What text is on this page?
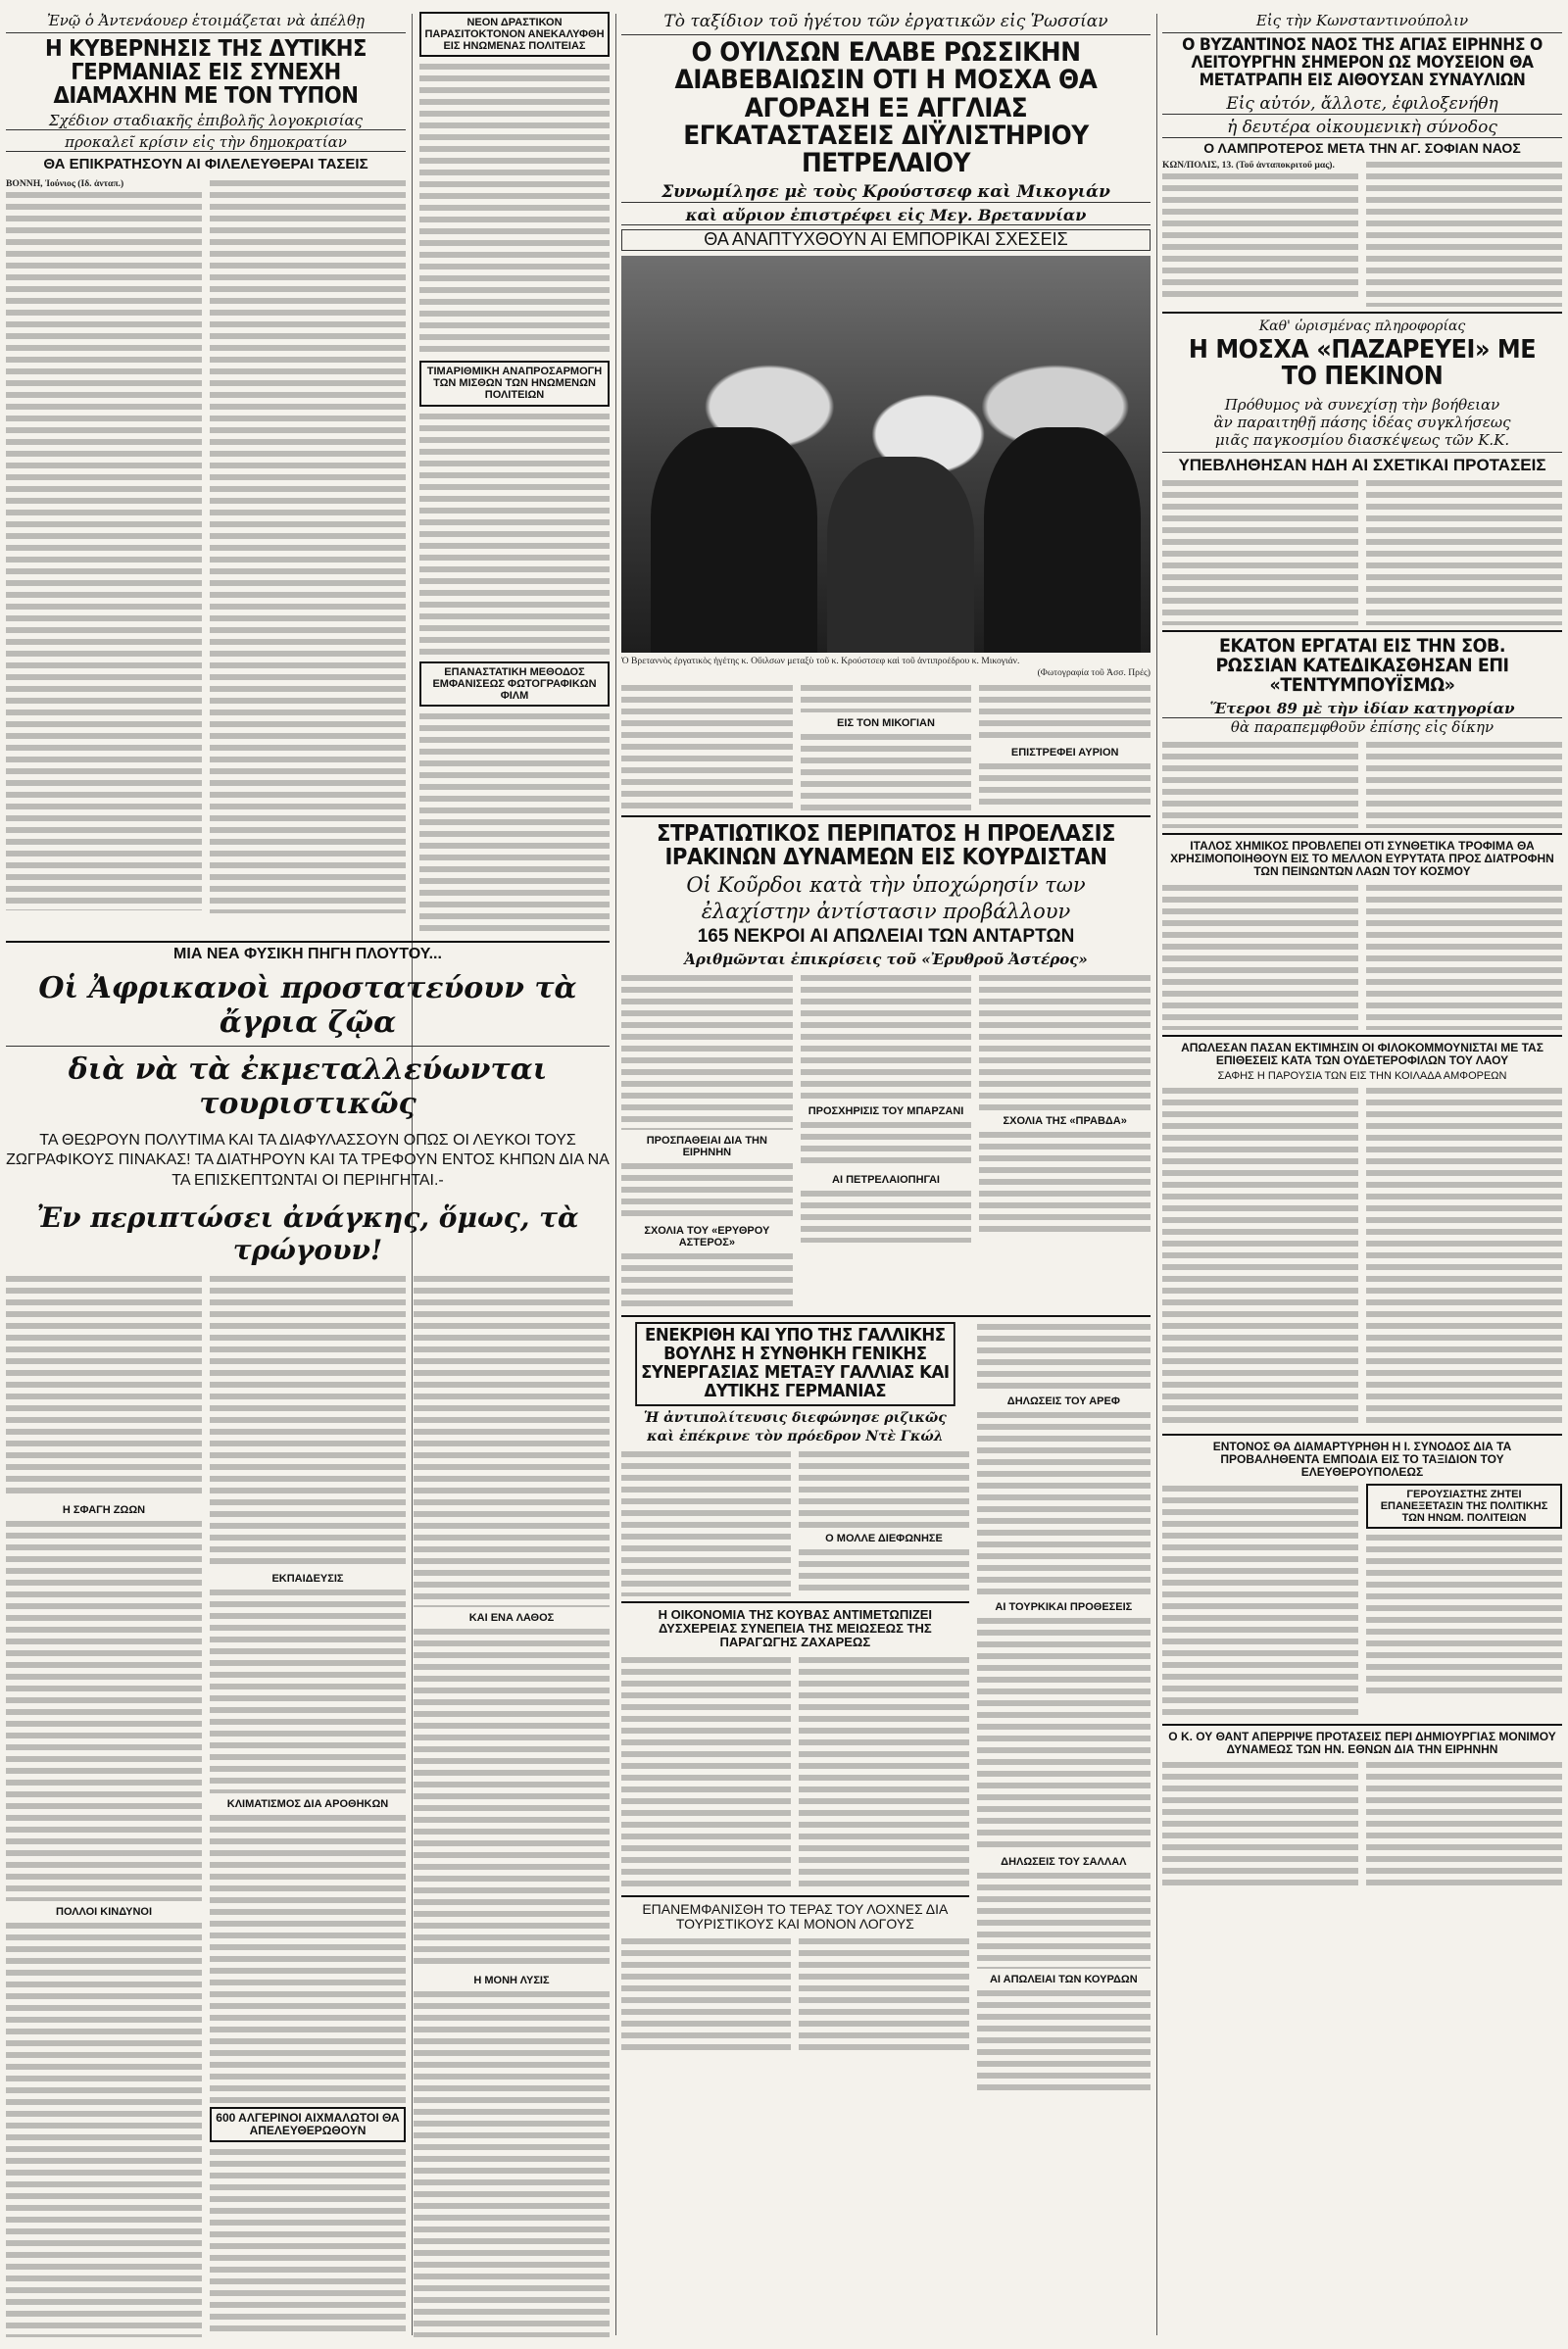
Ἐνῷ ὁ Ἀντενάουερ ἑτοιμάζεται νὰ ἀπέλθῃ
Η ΚΥΒΕΡΝΗΣΙΣ ΤΗΣ ΔΥΤΙΚΗΣ ΓΕΡΜΑΝΙΑΣ ΕΙΣ ΣΥΝΕΧΗ ΔΙΑΜΑΧΗΝ ΜΕ ΤΟΝ ΤΥΠΟΝ
Σχέδιον σταδιακῆς ἐπιβολῆς λογοκρισίας
προκαλεῖ κρίσιν εἰς τὴν δημοκρατίαν
ΘΑ ΕΠΙΚΡΑΤΗΣΟΥΝ ΑΙ ΦΙΛΕΛΕΥΘΕΡΑΙ ΤΑΣΕΙΣ
ΒΟΝΝΗ, Ἰούνιος (Ιδ. ἀνταπ.)
ΝΕΟΝ ΔΡΑΣΤΙΚΟΝ ΠΑΡΑΣΙΤΟΚΤΟΝΟΝ ΑΝΕΚΑΛΥΦΘΗ ΕΙΣ ΗΝΩΜΕΝΑΣ ΠΟΛΙΤΕΙΑΣ
ΤΙΜΑΡΙΘΜΙΚΗ ΑΝΑΠΡΟΣΑΡΜΟΓΗ ΤΩΝ ΜΙΣΘΩΝ ΤΩΝ ΗΝΩΜΕΝΩΝ ΠΟΛΙΤΕΙΩΝ
ΕΠΑΝΑΣΤΑΤΙΚΗ ΜΕΘΟΔΟΣ ΕΜΦΑΝΙΣΕΩΣ ΦΩΤΟΓΡΑΦΙΚΩΝ ΦΙΛΜ
ΜΙΑ ΝΕΑ ΦΥΣΙΚΗ ΠΗΓΗ ΠΛΟΥΤΟΥ...
Οἱ Ἀφρικανοὶ προστατεύουν τὰ ἄγρια ζῷα
διὰ νὰ τὰ ἐκμεταλλεύωνται τουριστικῶς
ΤΑ ΘΕΩΡΟΥΝ ΠΟΛΥΤΙΜΑ ΚΑΙ ΤΑ ΔΙΑΦΥΛΑΣΣΟΥΝ ΟΠΩΣ ΟΙ ΛΕΥΚΟΙ ΤΟΥΣ ΖΩΓΡΑΦΙΚΟΥΣ ΠΙΝΑΚΑΣ! ΤΑ ΔΙΑΤΗΡΟΥΝ ΚΑΙ ΤΑ ΤΡΕΦΟΥΝ ΕΝΤΟΣ ΚΗΠΩΝ ΔΙΑ ΝΑ ΤΑ ΕΠΙΣΚΕΠΤΩΝΤΑΙ ΟΙ ΠΕΡΙΗΓΗΤΑΙ.-
Ἐν περιπτώσει ἀνάγκης, ὅμως, τὰ τρώγουν!
Η ΣΦΑΓΗ ΖΩΩΝ
ΠΟΛΛΟΙ ΚΙΝΔΥΝΟΙ
ΕΚΠΑΙΔΕΥΣΙΣ
ΚΛΙΜΑΤΙΣΜΟΣ ΔΙΑ ΑΡΟΘΗΚΩΝ
600 ΑΛΓΕΡΙΝΟΙ ΑΙΧΜΑΛΩΤΟΙ ΘΑ ΑΠΕΛΕΥΘΕΡΩΘΟΥΝ
ΚΑΙ ΕΝΑ ΛΑΘΟΣ
Η ΜΟΝΗ ΛΥΣΙΣ
Τὸ ταξίδιον τοῦ ἡγέτου τῶν ἐργατικῶν εἰς Ῥωσσίαν
Ο ΟΥΙΛΣΩΝ ΕΛΑΒΕ ΡΩΣΣΙΚΗΝ ΔΙΑΒΕΒΑΙΩΣΙΝ ΟΤΙ Η ΜΟΣΧΑ ΘΑ ΑΓΟΡΑΣΗ ΕΞ ΑΓΓΛΙΑΣ ΕΓΚΑΤΑΣΤΑΣΕΙΣ ΔΙΫΛΙΣΤΗΡΙΟΥ ΠΕΤΡΕΛΑΙΟΥ
Συνωμίλησε μὲ τοὺς Κρούστσεφ καὶ Μικογιάν
καὶ αὔριον ἐπιστρέφει εἰς Μεγ. Βρεταννίαν
ΘΑ ΑΝΑΠΤΥΧΘΟΥΝ ΑΙ ΕΜΠΟΡΙΚΑΙ ΣΧΕΣΕΙΣ
Ὁ Βρεταννὸς ἐργατικὸς ἡγέτης κ. Οὔιλσων μεταξὺ τοῦ κ. Κρούστσεφ καὶ τοῦ ἀντιπροέδρου κ. Μικογιάν.
(Φωτογραφία τοῦ Ἀσσ. Πρές)
ΕΙΣ ΤΟΝ ΜΙΚΟΓΙΑΝ
ΕΠΙΣΤΡΕΦΕΙ ΑΥΡΙΟΝ
ΣΤΡΑΤΙΩΤΙΚΟΣ ΠΕΡΙΠΑΤΟΣ Η ΠΡΟΕΛΑΣΙΣ ΙΡΑΚΙΝΩΝ ΔΥΝΑΜΕΩΝ ΕΙΣ ΚΟΥΡΔΙΣΤΑΝ
Οἱ Κοῦρδοι κατὰ τὴν ὑποχώρησίν των
ἐλαχίστην ἀντίστασιν προβάλλουν
165 ΝΕΚΡΟΙ ΑΙ ΑΠΩΛΕΙΑΙ ΤΩΝ ΑΝΤΑΡΤΩΝ
Ἀριθμῶνται ἐπικρίσεις τοῦ «Ἐρυθροῦ Ἀστέρος»
ΠΡΟΣΠΑΘΕΙΑΙ ΔΙΑ ΤΗΝ ΕΙΡΗΝΗΝ
ΣΧΟΛΙΑ ΤΟΥ «ΕΡΥΘΡΟΥ ΑΣΤΕΡΟΣ»
ΠΡΟΣΧΗΡΙΣΙΣ ΤΟΥ ΜΠΑΡΖΑΝΙ
ΑΙ ΠΕΤΡΕΛΑΙΟΠΗΓΑΙ
ΣΧΟΛΙΑ ΤΗΣ «ΠΡΑΒΔΑ»
ΕΝΕΚΡΙΘΗ ΚΑΙ ΥΠΟ ΤΗΣ ΓΑΛΛΙΚΗΣ ΒΟΥΛΗΣ Η ΣΥΝΘΗΚΗ ΓΕΝΙΚΗΣ ΣΥΝΕΡΓΑΣΙΑΣ ΜΕΤΑΞΥ ΓΑΛΛΙΑΣ ΚΑΙ ΔΥΤΙΚΗΣ ΓΕΡΜΑΝΙΑΣ
Ἡ ἀντιπολίτευσις διεφώνησε ριζικῶς
καὶ ἐπέκρινε τὸν πρόεδρον Ντὲ Γκώλ
Ο ΜΟΛΛΕ ΔΙΕΦΩΝΗΣΕ
Η ΟΙΚΟΝΟΜΙΑ ΤΗΣ ΚΟΥΒΑΣ ΑΝΤΙΜΕΤΩΠΙΖΕΙ ΔΥΣΧΕΡΕΙΑΣ ΣΥΝΕΠΕΙΑ ΤΗΣ ΜΕΙΩΣΕΩΣ ΤΗΣ ΠΑΡΑΓΩΓΗΣ ΖΑΧΑΡΕΩΣ
ΕΠΑΝΕΜΦΑΝΙΣΘΗ ΤΟ ΤΕΡΑΣ ΤΟΥ ΛΟΧΝΕΣ ΔΙΑ ΤΟΥΡΙΣΤΙΚΟΥΣ ΚΑΙ ΜΟΝΟΝ ΛΟΓΟΥΣ
ΔΗΛΩΣΕΙΣ ΤΟΥ ΑΡΕΦ
ΑΙ ΤΟΥΡΚΙΚΑΙ ΠΡΟΘΕΣΕΙΣ
ΔΗΛΩΣΕΙΣ ΤΟΥ ΣΑΛΛΑΛ
ΑΙ ΑΠΩΛΕΙΑΙ ΤΩΝ ΚΟΥΡΔΩΝ
Εἰς τὴν Κωνσταντινούπολιν
Ο ΒΥΖΑΝΤΙΝΟΣ ΝΑΟΣ ΤΗΣ ΑΓΙΑΣ ΕΙΡΗΝΗΣ Ο ΛΕΙΤΟΥΡΓΗΝ ΣΗΜΕΡΟΝ ΩΣ ΜΟΥΣΕΙΟΝ ΘΑ ΜΕΤΑΤΡΑΠΗ ΕΙΣ ΑΙΘΟΥΣΑΝ ΣΥΝΑΥΛΙΩΝ
Εἰς αὐτόν, ἄλλοτε, ἐφιλοξενήθη
ἡ δευτέρα οἰκουμενικὴ σύνοδος
Ο ΛΑΜΠΡΟΤΕΡΟΣ ΜΕΤΑ ΤΗΝ ΑΓ. ΣΟΦΙΑΝ ΝΑΟΣ
ΚΩΝ/ΠΟΛΙΣ, 13. (Τοῦ ἀνταποκριτοῦ μας).
Καθ' ὡρισμένας πληροφορίας
Η ΜΟΣΧΑ «ΠΑΖΑΡΕΥΕΙ» ΜΕ ΤΟ ΠΕΚΙΝΟΝ
Πρόθυμος νὰ συνεχίσῃ τὴν βοήθειαν
ἂν παραιτηθῇ πάσης ἰδέας συγκλήσεως
μιᾶς παγκοσμίου διασκέψεως τῶν Κ.Κ.
ΥΠΕΒΛΗΘΗΣΑΝ ΗΔΗ ΑΙ ΣΧΕΤΙΚΑΙ ΠΡΟΤΑΣΕΙΣ
ΕΚΑΤΟΝ ΕΡΓΑΤΑΙ ΕΙΣ ΤΗΝ ΣΟΒ. ΡΩΣΣΙΑΝ ΚΑΤΕΔΙΚΑΣΘΗΣΑΝ ΕΠΙ «ΤΕΝΤΥΜΠΟΥΪΣΜΩ»
Ἕτεροι 89 μὲ τὴν ἰδίαν κατηγορίαν
θὰ παραπεμφθοῦν ἐπίσης εἰς δίκην
ΙΤΑΛΟΣ ΧΗΜΙΚΟΣ ΠΡΟΒΛΕΠΕΙ ΟΤΙ ΣΥΝΘΕΤΙΚΑ ΤΡΟΦΙΜΑ ΘΑ ΧΡΗΣΙΜΟΠΟΙΗΘΟΥΝ ΕΙΣ ΤΟ ΜΕΛΛΟΝ ΕΥΡΥΤΑΤΑ ΠΡΟΣ ΔΙΑΤΡΟΦΗΝ ΤΩΝ ΠΕΙΝΩΝΤΩΝ ΛΑΩΝ ΤΟΥ ΚΟΣΜΟΥ
ΑΠΩΛΕΣΑΝ ΠΑΣΑΝ ΕΚΤΙΜΗΣΙΝ ΟΙ ΦΙΛΟΚΟΜΜΟΥΝΙΣΤΑΙ ΜΕ ΤΑΣ ΕΠΙΘΕΣΕΙΣ ΚΑΤΑ ΤΩΝ ΟΥΔΕΤΕΡΟΦΙΛΩΝ ΤΟΥ ΛΑΟΥ
ΣΑΦΗΣ Η ΠΑΡΟΥΣΙΑ ΤΩΝ ΕΙΣ ΤΗΝ ΚΟΙΛΑΔΑ ΑΜΦΟΡΕΩΝ
ΕΝΤΟΝΟΣ ΘΑ ΔΙΑΜΑΡΤΥΡΗΘΗ Η Ι. ΣΥΝΟΔΟΣ ΔΙΑ ΤΑ ΠΡΟΒΑΛΗΘΕΝΤΑ ΕΜΠΟΔΙΑ ΕΙΣ ΤΟ ΤΑΞΙΔΙΟΝ ΤΟΥ ΕΛΕΥΘΕΡΟΥΠΟΛΕΩΣ
ΓΕΡΟΥΣΙΑΣΤΗΣ ΖΗΤΕΙ ΕΠΑΝΕΞΕΤΑΣΙΝ ΤΗΣ ΠΟΛΙΤΙΚΗΣ ΤΩΝ ΗΝΩΜ. ΠΟΛΙΤΕΙΩΝ
Ο Κ. ΟΥ ΘΑΝΤ ΑΠΕΡΡΙΨΕ ΠΡΟΤΑΣΕΙΣ ΠΕΡΙ ΔΗΜΙΟΥΡΓΙΑΣ ΜΟΝΙΜΟΥ ΔΥΝΑΜΕΩΣ ΤΩΝ ΗΝ. ΕΘΝΩΝ ΔΙΑ ΤΗΝ ΕΙΡΗΝΗΝ
